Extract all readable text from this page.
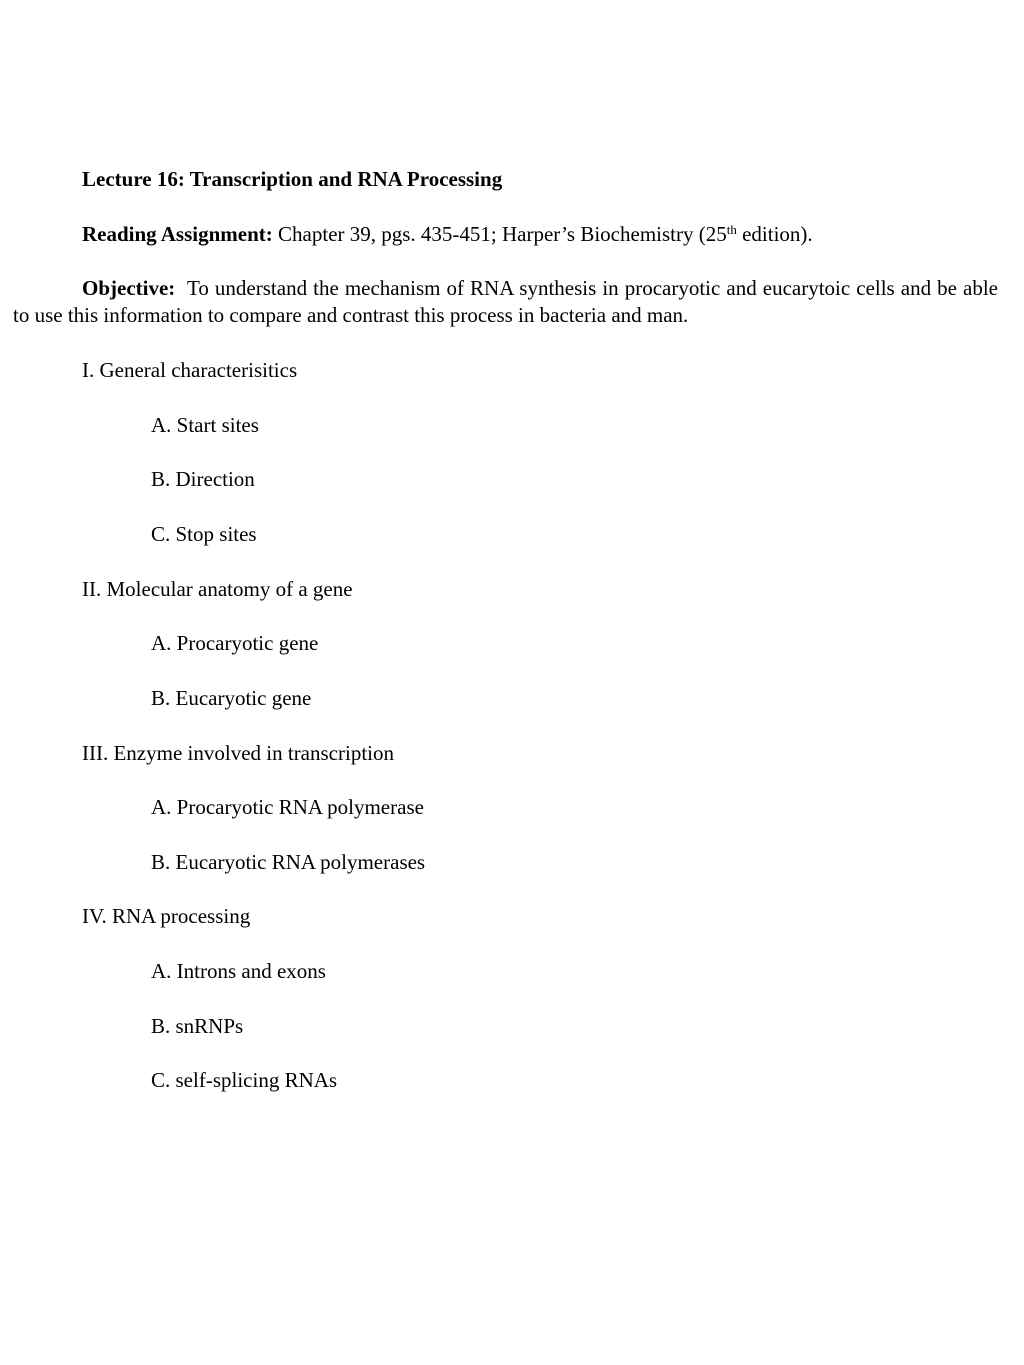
Lecture 16: Transcription and RNA Processing
Reading Assignment: Chapter 39, pgs. 435-451; Harper’s Biochemistry (25th edition).
Objective: To understand the mechanism of RNA synthesis in procaryotic and eucarytoic cells and be able to use this information to compare and contrast this process in bacteria and man.
I. General characterisitics
A. Start sites
B. Direction
C. Stop sites
II. Molecular anatomy of a gene
A. Procaryotic gene
B. Eucaryotic gene
III. Enzyme involved in transcription
A. Procaryotic RNA polymerase
B. Eucaryotic RNA polymerases
IV. RNA processing
A. Introns and exons
B. snRNPs
C. self-splicing RNAs
